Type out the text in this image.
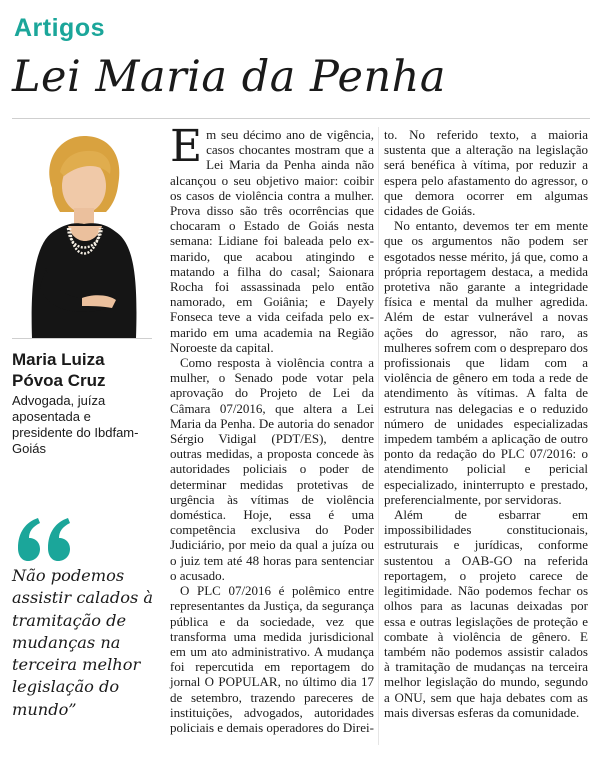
Artigos
Lei Maria da Penha
Maria Luiza Póvoa Cruz
Advogada, juíza aposentada e presidente do Ibdfam-Goiás
Não podemos assistir calados à tramitação de mudanças na terceira melhor legislação do mundo”

Em seu décimo ano de vigência, casos chocantes mostram que a Lei Maria da Penha ainda não alcançou o seu objetivo maior: coibir os casos de violência contra a mulher. Prova disso são três ocorrências que chocaram o Estado de Goiás nesta semana: Lidiane foi baleada pelo ex-marido, que acabou atingindo e matando a filha do casal; Saionara Rocha foi assassinada pelo então namorado, em Goiânia; e Dayely Fonseca teve a vida ceifada pelo ex-marido em uma academia na Região Noroeste da capital.

Como resposta à violência contra a mulher, o Senado pode votar pela aprovação do Projeto de Lei da Câmara 07/2016, que altera a Lei Maria da Penha. De autoria do senador Sérgio Vidigal (PDT/ES), dentre outras medidas, a proposta concede às autoridades policiais o poder de determinar medidas protetivas de urgência às vítimas de violência doméstica. Hoje, essa é uma competência exclusiva do Poder Judiciário, por meio da qual a juíza ou o juiz tem até 48 horas para sentenciar o acusado.

O PLC 07/2016 é polêmico entre representantes da Justiça, da segurança pública e da sociedade, vez que transforma uma medida jurisdicional em um ato administrativo. A mudança foi repercutida em reportagem do jornal O POPULAR, no último dia 17 de setembro, trazendo pareceres de instituições, advogados, autoridades policiais e demais operadores do Direi-

to. No referido texto, a maioria sustenta que a alteração na legislação será benéfica à vítima, por reduzir a espera pelo afastamento do agressor, o que demora ocorrer em algumas cidades de Goiás.

No entanto, devemos ter em mente que os argumentos não podem ser esgotados nesse mérito, já que, como a própria reportagem destaca, a medida protetiva não garante a integridade física e mental da mulher agredida. Além de estar vulnerável a novas ações do agressor, não raro, as mulheres sofrem com o despreparo dos profissionais que lidam com a violência de gênero em toda a rede de atendimento às vítimas. A falta de estrutura nas delegacias e o reduzido número de unidades especializadas impedem também a aplicação de outro ponto da redação do PLC 07/2016: o atendimento policial e pericial especializado, ininterrupto e prestado, preferencialmente, por servidoras.

Além de esbarrar em impossibilidades constitucionais, estruturais e jurídicas, conforme sustentou a OAB-GO na referida reportagem, o projeto carece de legitimidade. Não podemos fechar os olhos para as lacunas deixadas por essa e outras legislações de proteção e combate à violência de gênero. E também não podemos assistir calados à tramitação de mudanças na terceira melhor legislação do mundo, segundo a ONU, sem que haja debates com as mais diversas esferas da comunidade.
